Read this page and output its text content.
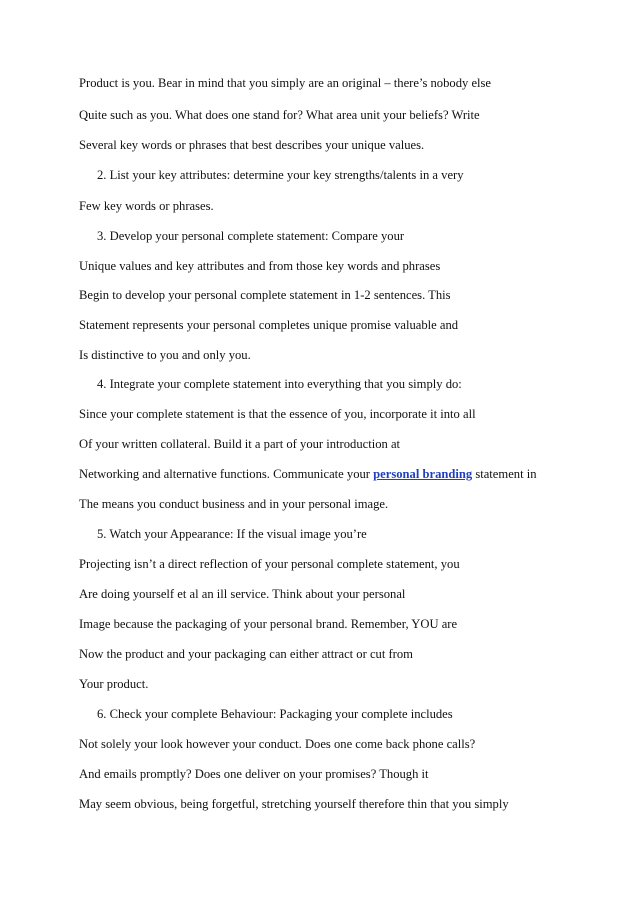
Product is you. Bear in mind that you simply are an original – there’s nobody else
Quite such as you. What does one stand for? What area unit your beliefs? Write
Several key words or phrases that best describes your unique values.
2. List your key attributes: determine your key strengths/talents in a very
Few key words or phrases.
3. Develop your personal complete statement: Compare your
Unique values and key attributes and from those key words and phrases
Begin to develop your personal complete statement in 1-2 sentences. This
Statement represents your personal completes unique promise valuable and
Is distinctive to you and only you.
4. Integrate your complete statement into everything that you simply do:
Since your complete statement is that the essence of you, incorporate it into all
Of your written collateral. Build it a part of your introduction at
Networking and alternative functions. Communicate your personal branding statement in
The means you conduct business and in your personal image.
5. Watch your Appearance: If the visual image you’re
Projecting isn’t a direct reflection of your personal complete statement, you
Are doing yourself et al an ill service. Think about your personal
Image because the packaging of your personal brand. Remember, YOU are
Now the product and your packaging can either attract or cut from
Your product.
6. Check your complete Behaviour: Packaging your complete includes
Not solely your look however your conduct. Does one come back phone calls?
And emails promptly? Does one deliver on your promises? Though it
May seem obvious, being forgetful, stretching yourself therefore thin that you simply
